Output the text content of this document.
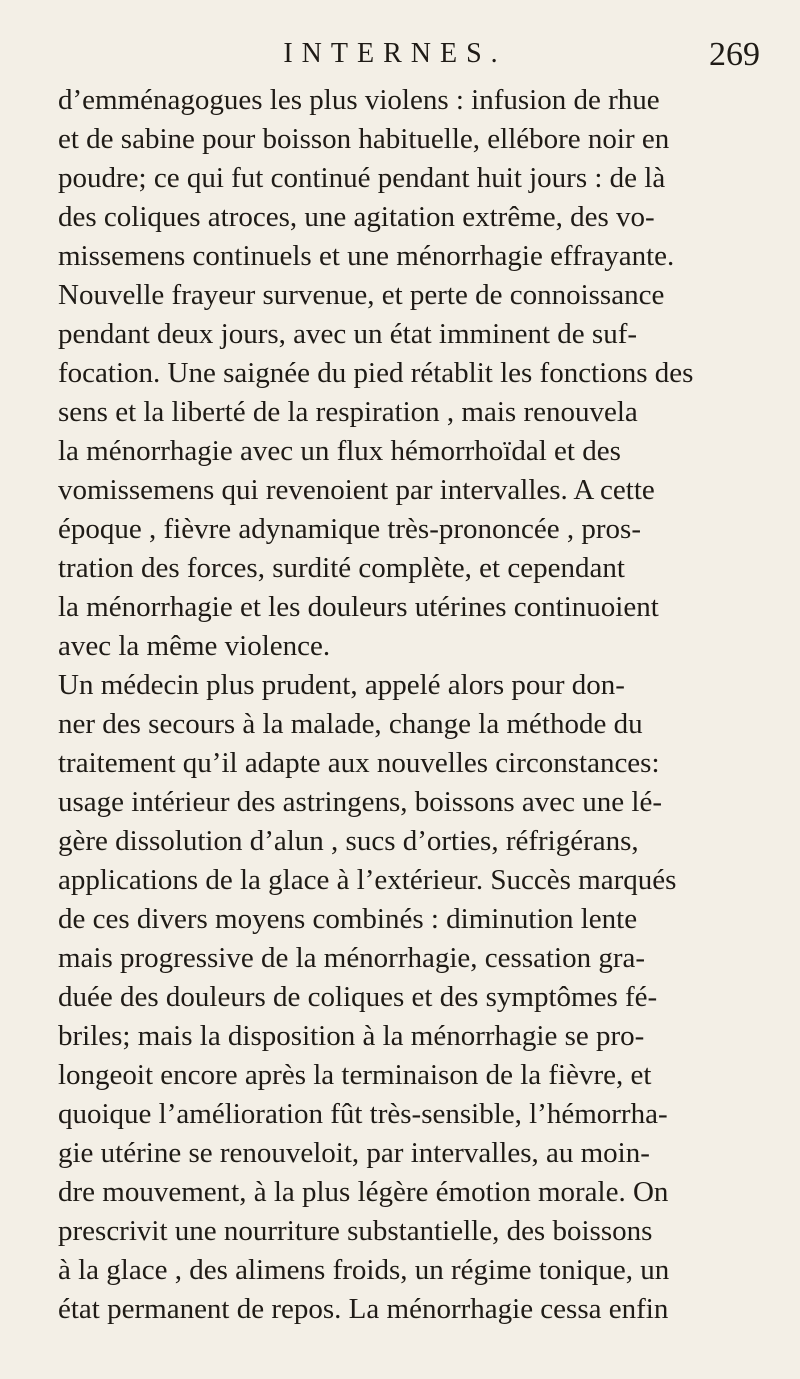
INTERNES.	269
d’emménagogues les plus violens : infusion de rhue
et de sabine pour boisson habituelle, ellébore noir en
poudre; ce qui fut continué pendant huit jours : de là
des coliques atroces, une agitation extrême, des vo-
missemens continuels et une ménorrhagie effrayante.
Nouvelle frayeur survenue, et perte de connoissance
pendant deux jours, avec un état imminent de suf-
focation. Une saignée du pied rétablit les fonctions des
sens et la liberté de la respiration , mais renouvela
la ménorrhagie avec un flux hémorrhoïdal et des
vomissemens qui revenoient par intervalles. A cette
époque , fièvre adynamique très-prononcée , pros-
tration des forces, surdité complète, et cependant
la ménorrhagie et les douleurs utérines continuoient
avec la même violence.
Un médecin plus prudent, appelé alors pour don-
ner des secours à la malade, change la méthode du
traitement qu’il adapte aux nouvelles circonstances:
usage intérieur des astringens, boissons avec une lé-
gère dissolution d’alun , sucs d’orties, réfrigérans,
applications de la glace à l’extérieur. Succès marqués
de ces divers moyens combinés : diminution lente
mais progressive de la ménorrhagie, cessation gra-
duée des douleurs de coliques et des symptômes fé-
briles; mais la disposition à la ménorrhagie se pro-
longeoit encore après la terminaison de la fièvre, et
quoique l’amélioration fût très-sensible, l’hémorrha-
gie utérine se renouveloit, par intervalles, au moin-
dre mouvement, à la plus légère émotion morale. On
prescrivit une nourriture substantielle, des boissons
à la glace , des alimens froids, un régime tonique, un
état permanent de repos. La ménorrhagie cessa enfin
